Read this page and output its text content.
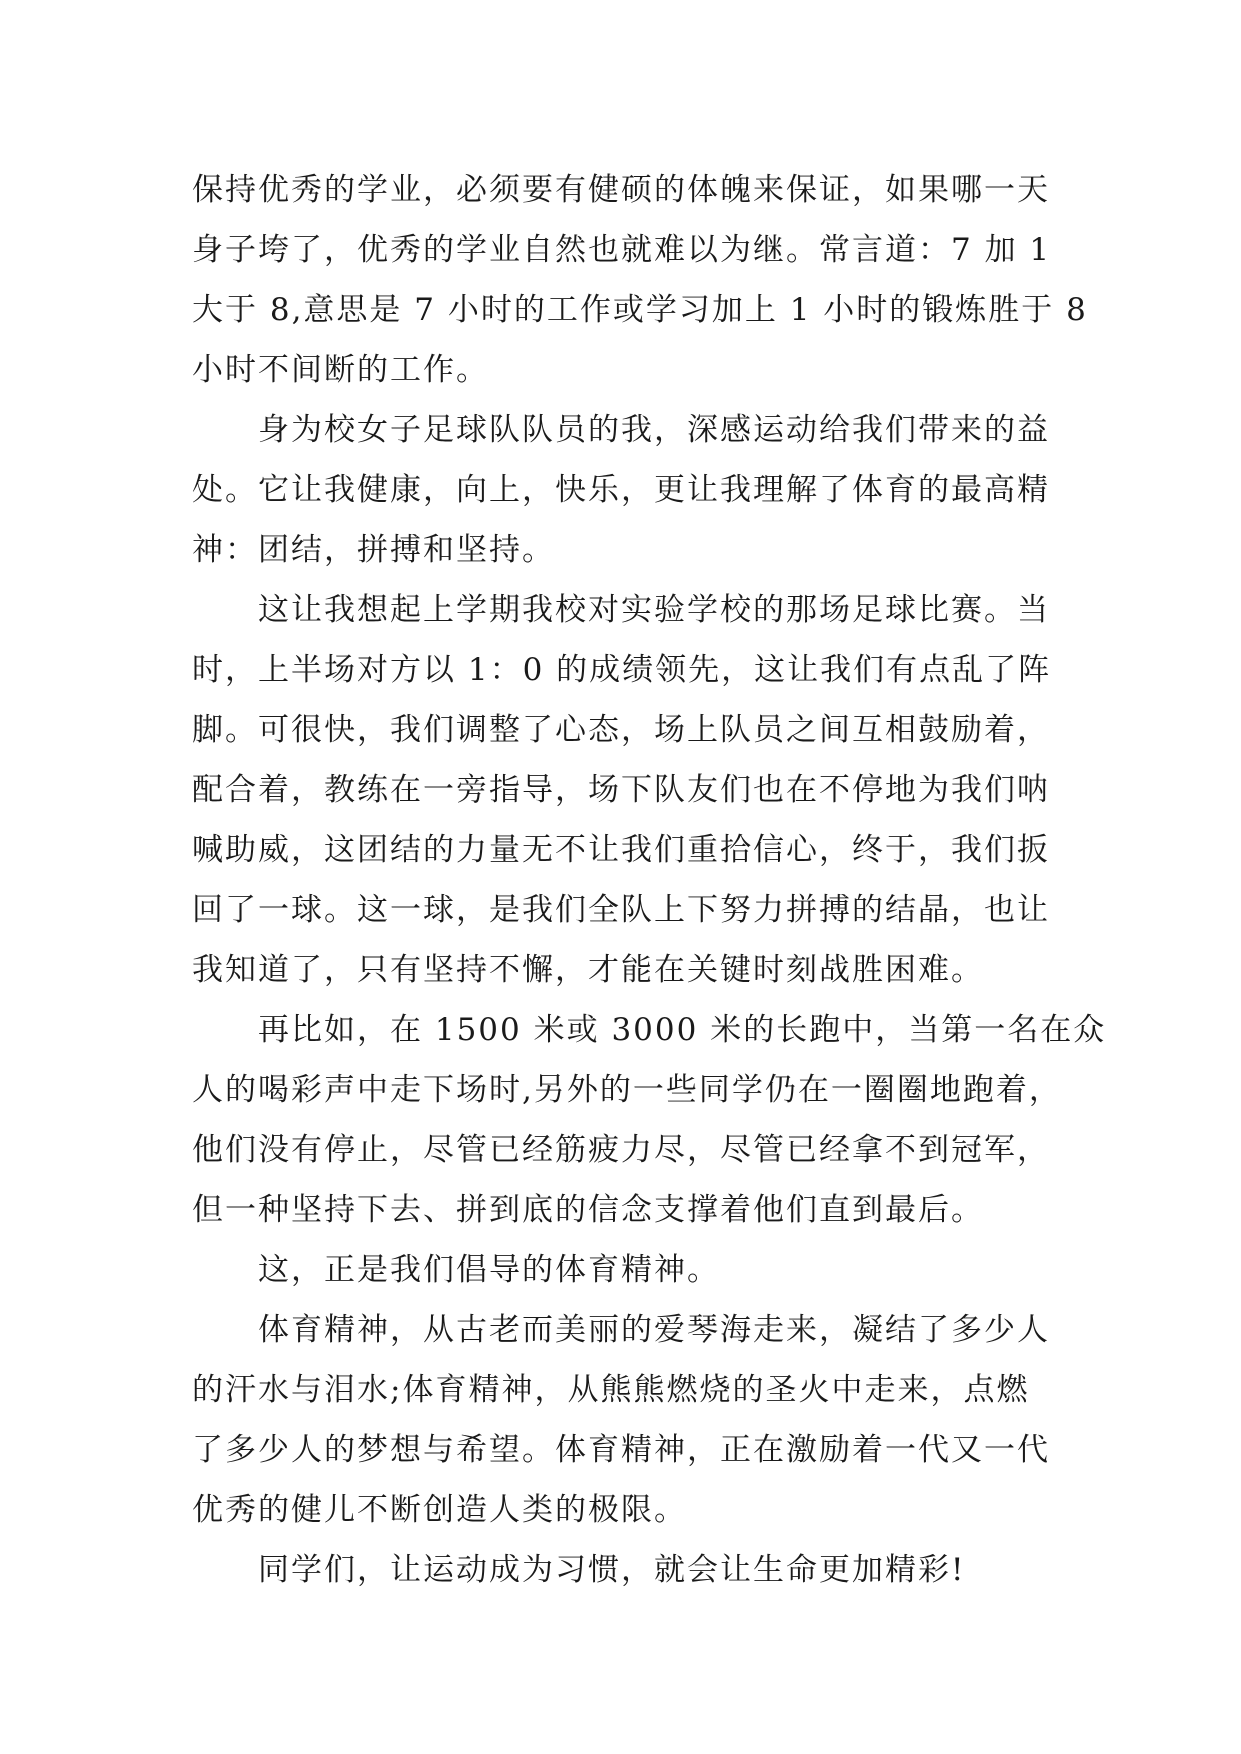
保持优秀的学业，必须要有健硕的体魄来保证，如果哪一天
身子垮了，优秀的学业自然也就难以为继。常言道：7 加 1
大于 8,意思是 7 小时的工作或学习加上 1 小时的锻炼胜于 8
小时不间断的工作。
　　身为校女子足球队队员的我，深感运动给我们带来的益
处。它让我健康，向上，快乐，更让我理解了体育的最高精
神：团结，拼搏和坚持。
　　这让我想起上学期我校对实验学校的那场足球比赛。当
时，上半场对方以 1：0 的成绩领先，这让我们有点乱了阵
脚。可很快，我们调整了心态，场上队员之间互相鼓励着，
配合着，教练在一旁指导，场下队友们也在不停地为我们呐
喊助威，这团结的力量无不让我们重拾信心，终于，我们扳
回了一球。这一球，是我们全队上下努力拼搏的结晶，也让
我知道了，只有坚持不懈，才能在关键时刻战胜困难。
　　再比如，在 1500 米或 3000 米的长跑中，当第一名在众
人的喝彩声中走下场时,另外的一些同学仍在一圈圈地跑着，
他们没有停止，尽管已经筋疲力尽，尽管已经拿不到冠军，
但一种坚持下去、拼到底的信念支撑着他们直到最后。
　　这，正是我们倡导的体育精神。
　　体育精神，从古老而美丽的爱琴海走来，凝结了多少人
的汗水与泪水;体育精神，从熊熊燃烧的圣火中走来，点燃
了多少人的梦想与希望。体育精神，正在激励着一代又一代
优秀的健儿不断创造人类的极限。
　　同学们，让运动成为习惯，就会让生命更加精彩!
